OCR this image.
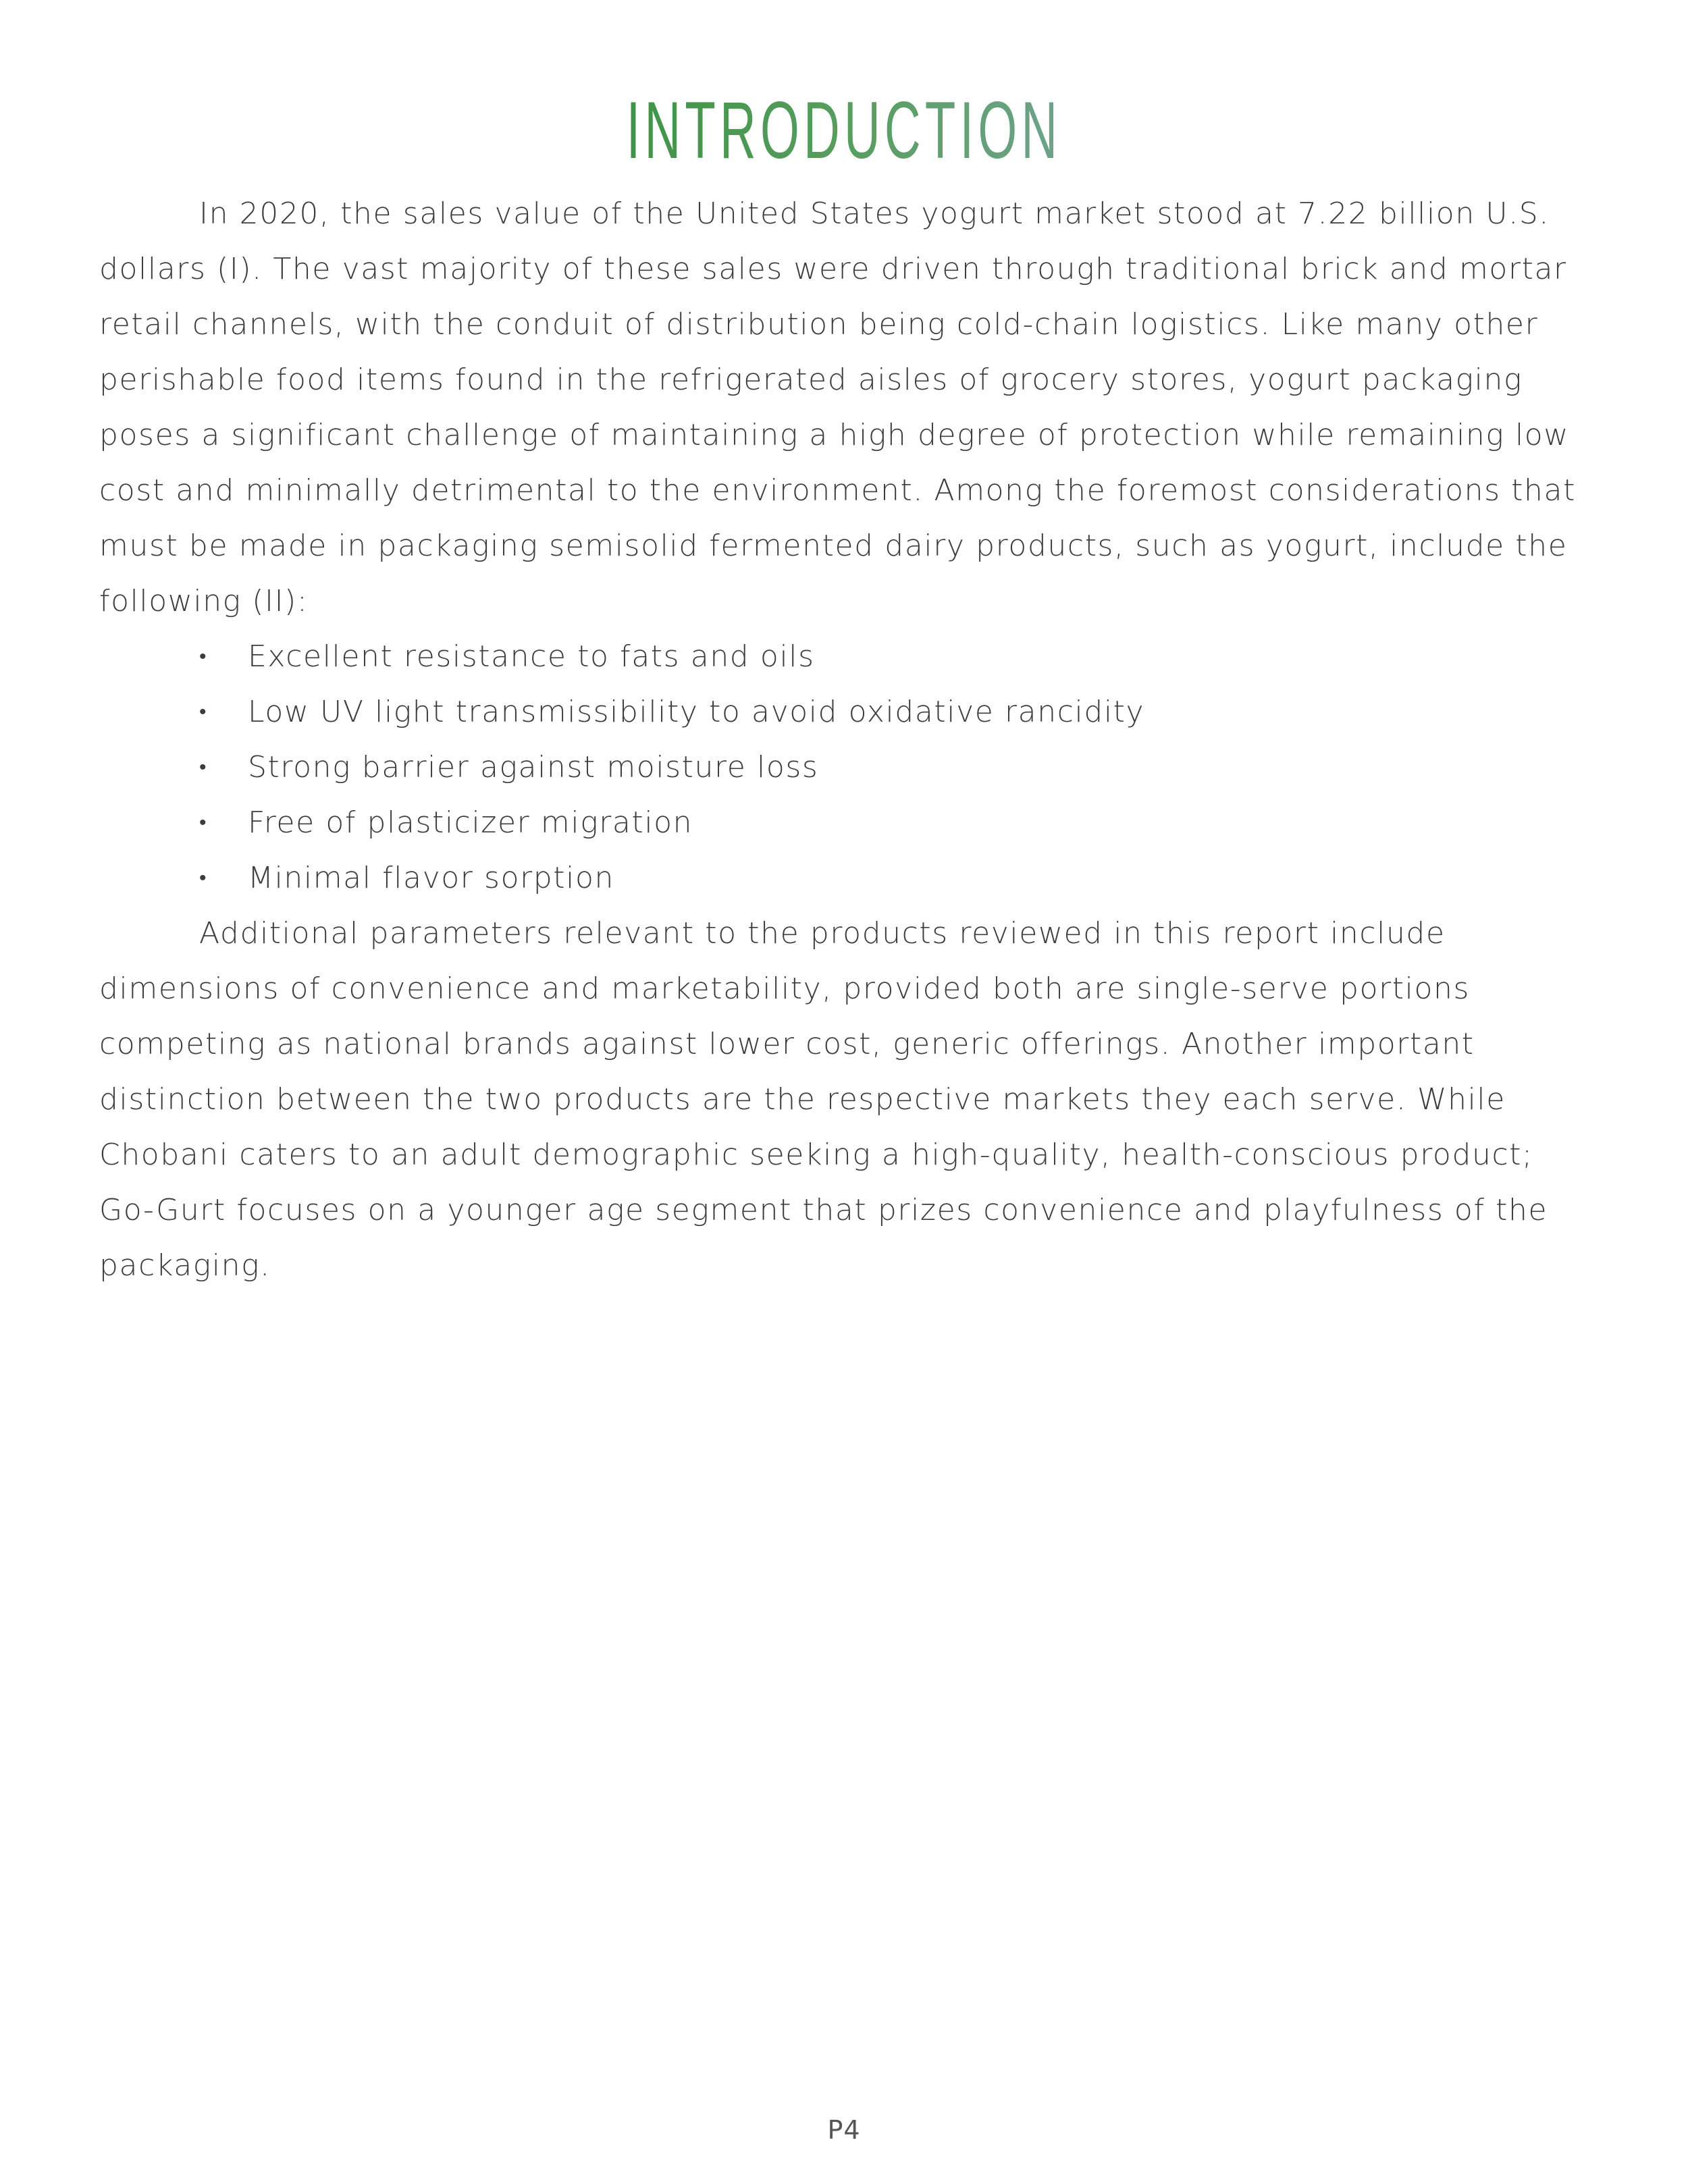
INTRODUCTION

In 2020, the sales value of the United States yogurt market stood at 7.22 billion U.S. dollars (I). The vast majority of these sales were driven through traditional brick and mortar retail channels, with the conduit of distribution being cold-chain logistics. Like many other perishable food items found in the refrigerated aisles of grocery stores, yogurt packaging poses a significant challenge of maintaining a high degree of protection while remaining low cost and minimally detrimental to the environment. Among the foremost considerations that must be made in packaging semisolid fermented dairy products, such as yogurt, include the following (II):

• Excellent resistance to fats and oils
• Low UV light transmissibility to avoid oxidative rancidity
• Strong barrier against moisture loss
• Free of plasticizer migration
• Minimal flavor sorption

Additional parameters relevant to the products reviewed in this report include dimensions of convenience and marketability, provided both are single-serve portions competing as national brands against lower cost, generic offerings. Another important distinction between the two products are the respective markets they each serve. While Chobani caters to an adult demographic seeking a high-quality, health-conscious product; Go-Gurt focuses on a younger age segment that prizes convenience and playfulness of the packaging.

P4
